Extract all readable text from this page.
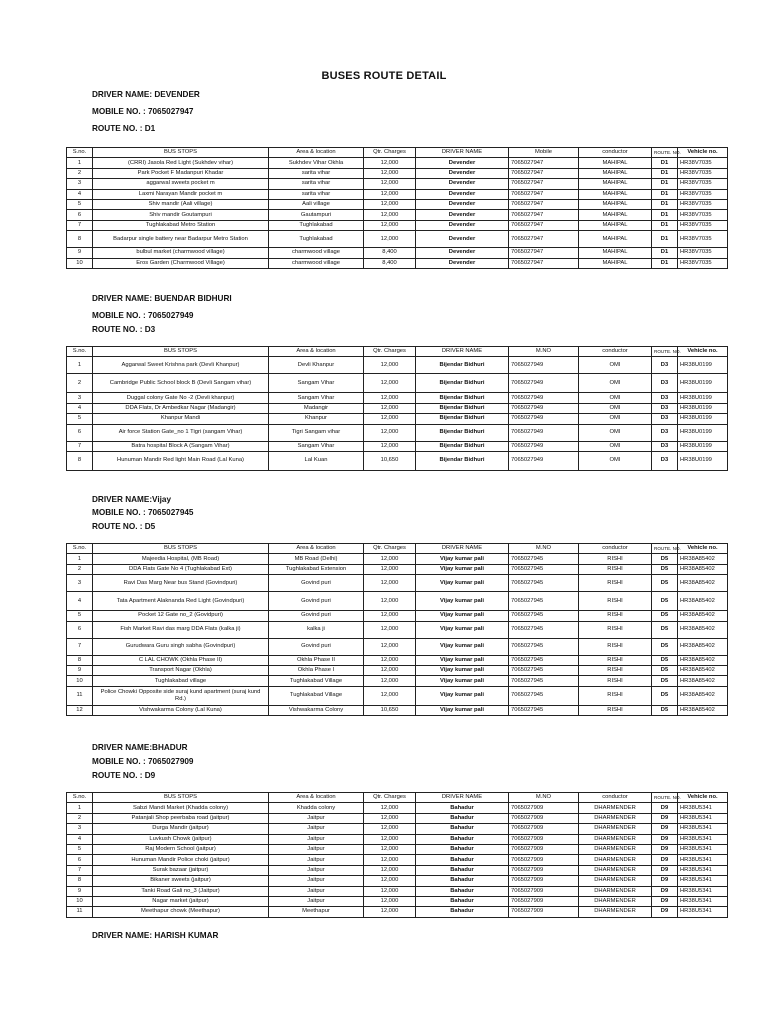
BUSES ROUTE DETAIL
DRIVER NAME: DEVENDER
MOBILE NO. : 7065027947
ROUTE NO. : D1
S.no.	BUS STOPS	Area & location	Qtr. Charges	DRIVER NAME	Mobile	conductor	ROUTE. NO.	Vehicle no.
1	(CRRI) Jasola Red Light (Sukhdev vihar)	Sukhdev Vihar Okhla	12,000	Devender	7065027947	MAHIPAL	D1	HR38V7035
2	Park Pocket F Madanpuri Khadar	sarita vihar	12,000	Devender	7065027947	MAHIPAL	D1	HR38V7035
3	aggarwal sweets pocket m	sarita vihar	12,000	Devender	7065027947	MAHIPAL	D1	HR38V7035
4	Laxmi Narayan Mandir pocket m	sarita vihar	12,000	Devender	7065027947	MAHIPAL	D1	HR38V7035
5	Shiv mandir (Aali village)	Aali village	12,000	Devender	7065027947	MAHIPAL	D1	HR38V7035
6	Shiv mandir Goutampuri	Gautampuri	12,000	Devender	7065027947	MAHIPAL	D1	HR38V7035
7	Tughlakabad Metro Station	Tughlakabad	12,000	Devender	7065027947	MAHIPAL	D1	HR38V7035
8	Badarpur single battery near Badarpur Metro Station	Tughlakabad	12,000	Devender	7065027947	MAHIPAL	D1	HR38V7035
9	bulbul market (charmwood village)	charmwood village	8,400	Devender	7065027947	MAHIPAL	D1	HR38V7035
10	Eros Garden (Charmwood Village)	charmwood village	8,400	Devender	7065027947	MAHIPAL	D1	HR38V7035
DRIVER NAME: BUENDAR BIDHURI
MOBILE NO. : 7065027949
ROUTE NO. : D3
S.no.	BUS STOPS	Area & location	Qtr. Charges	DRIVER NAME	M.NO	conductor	ROUTE. NO.	Vehicle no.
1	Aggarwal Sweet Krishna park (Devli Khanpur)	Devli Khanpur	12,000	Bijendar Bidhuri	7065027949	OMI	D3	HR38U0199
2	Cambridge Public School block B (Devli Sangam vihar)	Sangam Vihar	12,000	Bijendar Bidhuri	7065027949	OMI	D3	HR38U0199
3	Duggal colony Gate No -2 (Devli khanpur)	Sangam Vihar	12,000	Bijendar Bidhuri	7065027949	OMI	D3	HR38U0199
4	DDA Flats, Dr Ambedkar Nagar (Madangir)	Madangir	12,000	Bijendar Bidhuri	7065027949	OMI	D3	HR38U0199
5	Khanpur Mandi	Khanpur	12,000	Bijendar Bidhuri	7065027949	OMI	D3	HR38U0199
6	Air force Station Gate_no 1 Tigri (sangam Vihar)	Tigri Sangam vihar	12,000	Bijendar Bidhuri	7065027949	OMI	D3	HR38U0199
7	Batra hospital Block A (Sangam Vihar)	Sangam Vihar	12,000	Bijendar Bidhuri	7065027949	OMI	D3	HR38U0199
8	Hunuman Mandir Red light Main Road (Lal Kuna)	Lal Kuan	10,650	Bijendar Bidhuri	7065027949	OMI	D3	HR38U0199
DRIVER NAME:Vijay
MOBILE NO. : 7065027945
ROUTE NO. : D5
S.no.	BUS STOPS	Area & location	Qtr. Charges	DRIVER NAME	M.NO	conductor	ROUTE. NO.	Vehicle no.
1	Majeedia Hospital, (MB Road)	MB Road (Delhi)	12,000	Vijay kumar pali	7065027945	RISHI	D5	HR38A85402
2	DDA Flats Gate No 4 (Tughlakabad Ext)	Tughlakabad Extension	12,000	Vijay kumar pali	7065027945	RISHI	D5	HR38A85402
3	Ravi Das Marg Near bus Stand (Govindpuri)	Govind puri	12,000	Vijay kumar pali	7065027945	RISHI	D5	HR38A85402
4	Tata Apartment Alaknanda Red Light (Govindpuri)	Govind puri	12,000	Vijay kumar pali	7065027945	RISHI	D5	HR38A85402
5	Pocket 12 Gate no_2 (Govidpuri)	Govind puri	12,000	Vijay kumar pali	7065027945	RISHI	D5	HR38A85402
6	Fish Market Ravi das marg DDA Flats (kalka ji)	kalka ji	12,000	Vijay kumar pali	7065027945	RISHI	D5	HR38A85402
7	Gurudwara Guru singh sabha (Govindpuri)	Govind puri	12,000	Vijay kumar pali	7065027945	RISHI	D5	HR38A85402
8	C LAL CHOWK (Okhla Phase II)	Okhla Phase II	12,000	Vijay kumar pali	7065027945	RISHI	D5	HR38A85402
9	Transport Nagar (Okhla)	Okhla Phase I	12,000	Vijay kumar pali	7065027945	RISHI	D5	HR38A85402
10	Tughlakabad village	Tughlakabad Village	12,000	Vijay kumar pali	7065027945	RISHI	D5	HR38A85402
11	Police Chowki Opposite side suraj kund apartment (suraj kund Rd.)	Tughlakabad Village	12,000	Vijay kumar pali	7065027945	RISHI	D5	HR38A85402
12	Vishwakarma Colony (Lal Kuna)	Vishwakarma Colony	10,650	Vijay kumar pali	7065027945	RISHI	D5	HR38A85402
DRIVER NAME:BHADUR
MOBILE NO. : 7065027909
ROUTE NO. : D9
S.no.	BUS STOPS	Area & location	Qtr. Charges	DRIVER NAME	M.NO	conductor	ROUTE. NO.	Vehicle no.
1	Sabzi Mandi Market (Khadda colony)	Khadda colony	12,000	Bahadur	7065027909	DHARMENDER	D9	HR38U5341
2	Patanjali Shop peerbaba road (jaitpur)	Jaitpur	12,000	Bahadur	7065027909	DHARMENDER	D9	HR38U5341
3	Durga Mandir (jaitpur)	Jaitpur	12,000	Bahadur	7065027909	DHARMENDER	D9	HR38U5341
4	Luvkush Chowk (jaitpur)	Jaitpur	12,000	Bahadur	7065027909	DHARMENDER	D9	HR38U5341
5	Raj Modern School (jaitpur)	Jaitpur	12,000	Bahadur	7065027909	DHARMENDER	D9	HR38U5341
6	Hunuman Mandir Police choki (jaitpur)	Jaitpur	12,000	Bahadur	7065027909	DHARMENDER	D9	HR38U5341
7	Surak bazaar (jaitpur)	Jaitpur	12,000	Bahadur	7065027909	DHARMENDER	D9	HR38U5341
8	Bikaner sweets (jaitpur)	Jaitpur	12,000	Bahadur	7065027909	DHARMENDER	D9	HR38U5341
9	Tanki Road Gali no_3 (Jaitpur)	Jaitpur	12,000	Bahadur	7065027909	DHARMENDER	D9	HR38U5341
10	Nagar market (jaitpur)	Jaitpur	12,000	Bahadur	7065027909	DHARMENDER	D9	HR38U5341
11	Meethapur chowk (Meethapur)	Meethapur	12,000	Bahadur	7065027909	DHARMENDER	D9	HR38U5341
DRIVER NAME: HARISH KUMAR
